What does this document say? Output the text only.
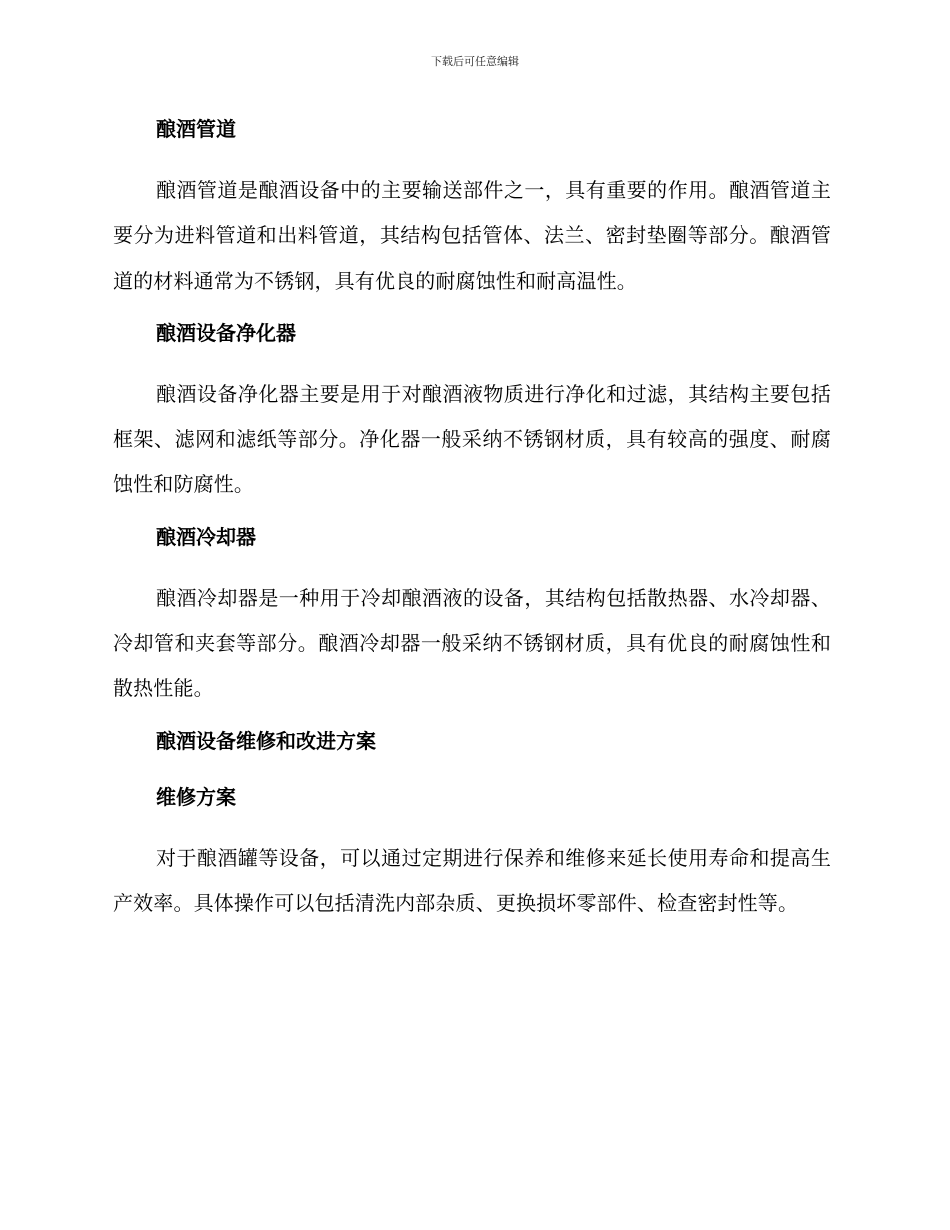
下载后可任意编辑
酿酒管道

酿酒管道是酿酒设备中的主要输送部件之一，具有重要的作用。酿酒管道主要分为进料管道和出料管道，其结构包括管体、法兰、密封垫圈等部分。酿酒管道的材料通常为不锈钢，具有优良的耐腐蚀性和耐高温性。

酿酒设备净化器

酿酒设备净化器主要是用于对酿酒液物质进行净化和过滤，其结构主要包括框架、滤网和滤纸等部分。净化器一般采纳不锈钢材质，具有较高的强度、耐腐蚀性和防腐性。

酿酒冷却器

酿酒冷却器是一种用于冷却酿酒液的设备，其结构包括散热器、水冷却器、冷却管和夹套等部分。酿酒冷却器一般采纳不锈钢材质，具有优良的耐腐蚀性和散热性能。

酿酒设备维修和改进方案
维修方案

对于酿酒罐等设备，可以通过定期进行保养和维修来延长使用寿命和提高生产效率。具体操作可以包括清洗内部杂质、更换损坏零部件、检查密封性等。
